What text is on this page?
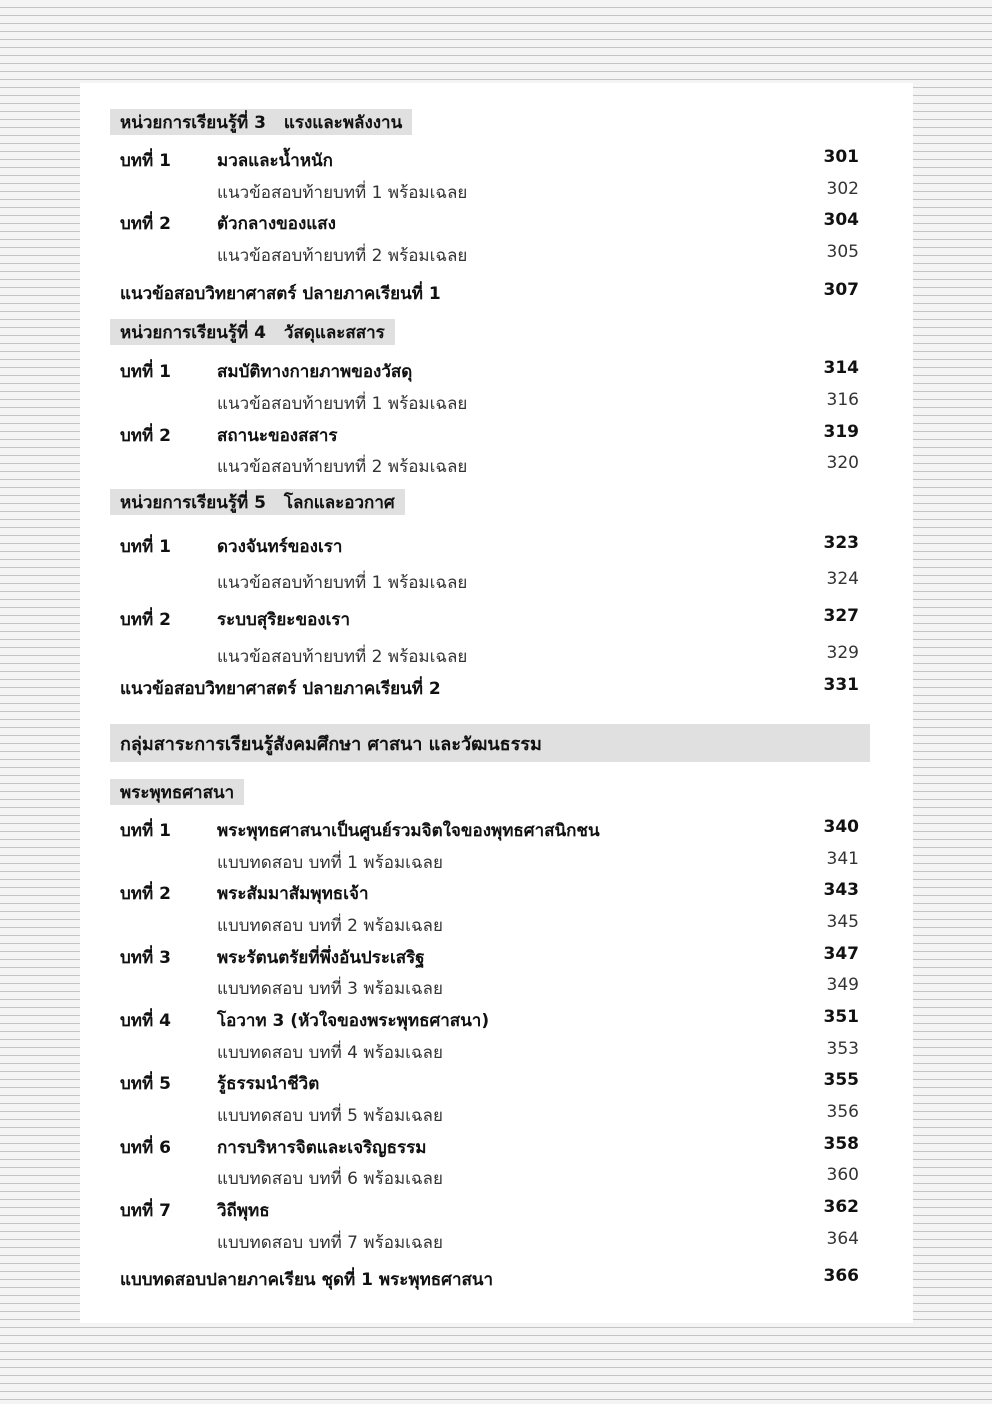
หน่วยการเรียนรู้ที่ 3 แรงและพลังงาน
บทที่ 1	มวลและน้ำหนัก	301
แนวข้อสอบท้ายบทที่ 1 พร้อมเฉลย	302
บทที่ 2	ตัวกลางของแสง	304
แนวข้อสอบท้ายบทที่ 2 พร้อมเฉลย	305
แนวข้อสอบวิทยาศาสตร์ ปลายภาคเรียนที่ 1	307
หน่วยการเรียนรู้ที่ 4 วัสดุและสสาร
บทที่ 1	สมบัติทางกายภาพของวัสดุ	314
แนวข้อสอบท้ายบทที่ 1 พร้อมเฉลย	316
บทที่ 2	สถานะของสสาร	319
แนวข้อสอบท้ายบทที่ 2 พร้อมเฉลย	320
หน่วยการเรียนรู้ที่ 5 โลกและอวกาศ
บทที่ 1	ดวงจันทร์ของเรา	323
แนวข้อสอบท้ายบทที่ 1 พร้อมเฉลย	324
บทที่ 2	ระบบสุริยะของเรา	327
แนวข้อสอบท้ายบทที่ 2 พร้อมเฉลย	329
แนวข้อสอบวิทยาศาสตร์ ปลายภาคเรียนที่ 2	331
กลุ่มสาระการเรียนรู้สังคมศึกษา ศาสนา และวัฒนธรรม
พระพุทธศาสนา
บทที่ 1	พระพุทธศาสนาเป็นศูนย์รวมจิตใจของพุทธศาสนิกชน	340
แบบทดสอบ บทที่ 1 พร้อมเฉลย	341
บทที่ 2	พระสัมมาสัมพุทธเจ้า	343
แบบทดสอบ บทที่ 2 พร้อมเฉลย	345
บทที่ 3	พระรัตนตรัยที่พึ่งอันประเสริฐ	347
แบบทดสอบ บทที่ 3 พร้อมเฉลย	349
บทที่ 4	โอวาท 3 (หัวใจของพระพุทธศาสนา)	351
แบบทดสอบ บทที่ 4 พร้อมเฉลย	353
บทที่ 5	รู้ธรรมนำชีวิต	355
แบบทดสอบ บทที่ 5 พร้อมเฉลย	356
บทที่ 6	การบริหารจิตและเจริญธรรม	358
แบบทดสอบ บทที่ 6 พร้อมเฉลย	360
บทที่ 7	วิถีพุทธ	362
แบบทดสอบ บทที่ 7 พร้อมเฉลย	364
แบบทดสอบปลายภาคเรียน ชุดที่ 1 พระพุทธศาสนา	366
